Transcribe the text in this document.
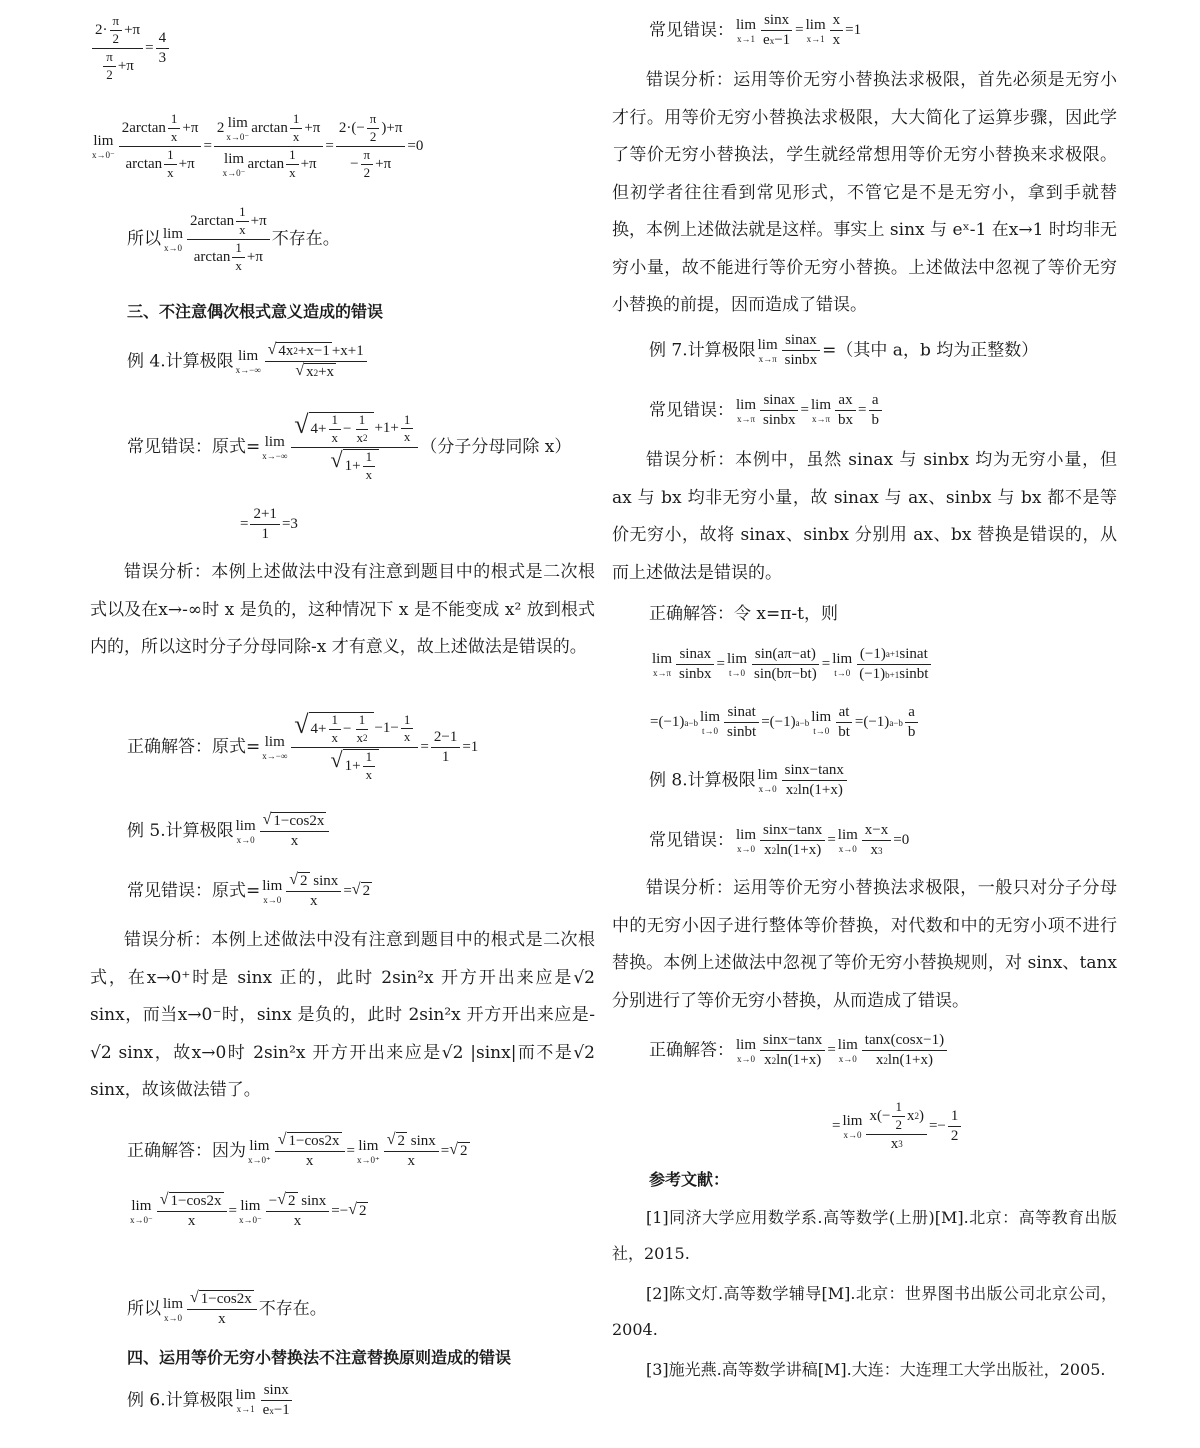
$\frac{2\cdot \frac{\pi}{2} +\pi}{\frac{\pi}{2} +\pi} = \frac{4}{3}$
lim
$x\to 0^- \frac{2\arctan \frac{1}{x} +\pi}{\arctan \frac{1}{x} +\pi} = 2$ lim
x→0⁻
$\arctan \frac{1}{x} +\pi$
lim
x→0⁻
$\arctan \frac{1}{x} +\pi = \frac{2\cdot(- \frac{\pi}{2} )+\pi}{- \frac{\pi}{2} +\pi} =0$
所以 lim
$x\to 0 \frac{2\arctan \frac{1}{x} +\pi}{\arctan \frac{1}{x} +\pi}$ 不存在。
三、不注意偶次根式意义造成的错误
例 4.计算极限 lim
$x\to-\infty \frac{√ 4x 2 +x-1 +x+1}{√ x 2 +x}$
常见错误：原式= lim
$x\to-\infty \frac{√ 4+ \frac{1}{x} - \frac{1}{x 2} +1+ \frac{1}{x}}{√ 1+ \frac{1}{x}}$ （分子分母同除 x）
= $\frac{2+1}{1} =3$
错误分析：本例上述做法中没有注意到题目中的根式是二次根式以及在x→-∞时 x 是负的，这种情况下 x 是不能变成 x² 放到根式内的，所以这时分子分母同除-x 才有意义，故上述做法是错误的。
正确解答：原式= lim
$x\to-\infty \frac{√ 4+ \frac{1}{x} - \frac{1}{x 2} -1- \frac{1}{x}}{√ 1+ \frac{1}{x}} = \frac{2-1}{1} =1$
例 5.计算极限 lim
$x\to 0 \frac{√ 1-\cos 2x}{x}$
常见错误：原式= lim
$x\to 0 \frac{√ 2 \sin x}{x}$ = √ 2
错误分析：本例上述做法中没有注意到题目中的根式是二次根式，在x→0⁺时是 sinx 正的，此时 2sin²x 开方开出来应是√2 sinx，而当x→0⁻时，sinx 是负的，此时 2sin²x 开方开出来应是-√2 sinx，故x→0时 2sin²x 开方开出来应是√2 |sinx|而不是√2 sinx，故该做法错了。
正确解答：因为 lim
$x\to 0^+ \frac{√ 1-\cos 2x}{x} = \lim$
$x\to 0^+ \frac{√ 2 \sin x}{x}$ = √ 2
lim
$x\to 0^- \frac{√ 1-\cos 2x}{x} = \lim$
$x\to 0^- \frac{- √ 2 \sin x}{x}$ =− √ 2
所以 lim
$x\to 0 \frac{√ 1-\cos 2x}{x}$ 不存在。
四、运用等价无穷小替换法不注意替换原则造成的错误
例 6.计算极限 lim
$x\to 1 \frac{\sin x}{\text{e x −1}}$
常见错误： lim
$x\to 1 \frac{\sin x}{\text{e x −1}} = \lim$
$x\to 1 \frac{x}{x} =1$
错误分析：运用等价无穷小替换法求极限，首先必须是无穷小才行。用等价无穷小替换法求极限，大大简化了运算步骤，因此学了等价无穷小替换法，学生就经常想用等价无穷小替换来求极限。但初学者往往看到常见形式，不管它是不是无穷小，拿到手就替换，本例上述做法就是这样。事实上 sinx 与 eˣ-1 在x→1 时均非无穷小量，故不能进行等价无穷小替换。上述做法中忽视了等价无穷小替换的前提，因而造成了错误。
例 7.计算极限 lim
$x\to\pi \frac{\text{sinax}}{\text{sinbx}}$ =（其中 a，b 均为正整数）
常见错误： lim
$x\to\pi \frac{\text{sinax}}{\text{sinbx}} = \lim$
$x\to\pi \frac{ax}{bx} = \frac{a}{b}$
错误分析：本例中，虽然 sinax 与 sinbx 均为无穷小量，但 ax 与 bx 均非无穷小量，故 sinax 与 ax、sinbx 与 bx 都不是等价无穷小，故将 sinax、sinbx 分别用 ax、bx 替换是错误的，从而上述做法是错误的。
正确解答：令 x=π-t，则
lim
$x\to\pi \frac{\text{sinax}}{\text{sinbx}} = \lim$
$t\to 0 \frac{\sin(a\pi-at)}{\sin(b\pi-bt)} = \lim$
$t\to 0 \frac{\text{(−1) a+1 sinat}}{\text{(−1) b+1 sinbt}}$
=(−1) a−b lim
$t\to 0 \frac{\text{sinat}}{\text{sinbt}} =(-1)$ a−b lim
$t\to 0 \frac{at}{bt} =(-1)$ $a-b \frac{a}{b}$
例 8.计算极限 lim
$x\to 0 \frac{\sin x-\tan x}{x 2 \ln(1+x)}$
常见错误： lim
$x\to 0 \frac{\sin x-\tan x}{x 2 \ln(1+x)} = \lim$
$x\to 0 \frac{x-x}{x 3} =0$
错误分析：运用等价无穷小替换法求极限，一般只对分子分母中的无穷小因子进行整体等价替换，对代数和中的无穷小项不进行替换。本例上述做法中忽视了等价无穷小替换规则，对 sinx、tanx 分别进行了等价无穷小替换，从而造成了错误。
正确解答： lim
$x\to 0 \frac{\sin x-\tan x}{x 2 \ln(1+x)} = \lim$
$x\to 0 \frac{\tan x(\cos x-1)}{x 2 \ln(1+x)}$
= lim
$x\to 0 \frac{x(- \frac{1}{2} x 2 )}{x 3} =- \frac{1}{2}$
参考文献：
[1]同济大学应用数学系.高等数学(上册)[M].北京：高等教育出版社，2015.
[2]陈文灯.高等数学辅导[M].北京：世界图书出版公司北京公司，2004.
[3]施光燕.高等数学讲稿[M].大连：大连理工大学出版社，2005.
